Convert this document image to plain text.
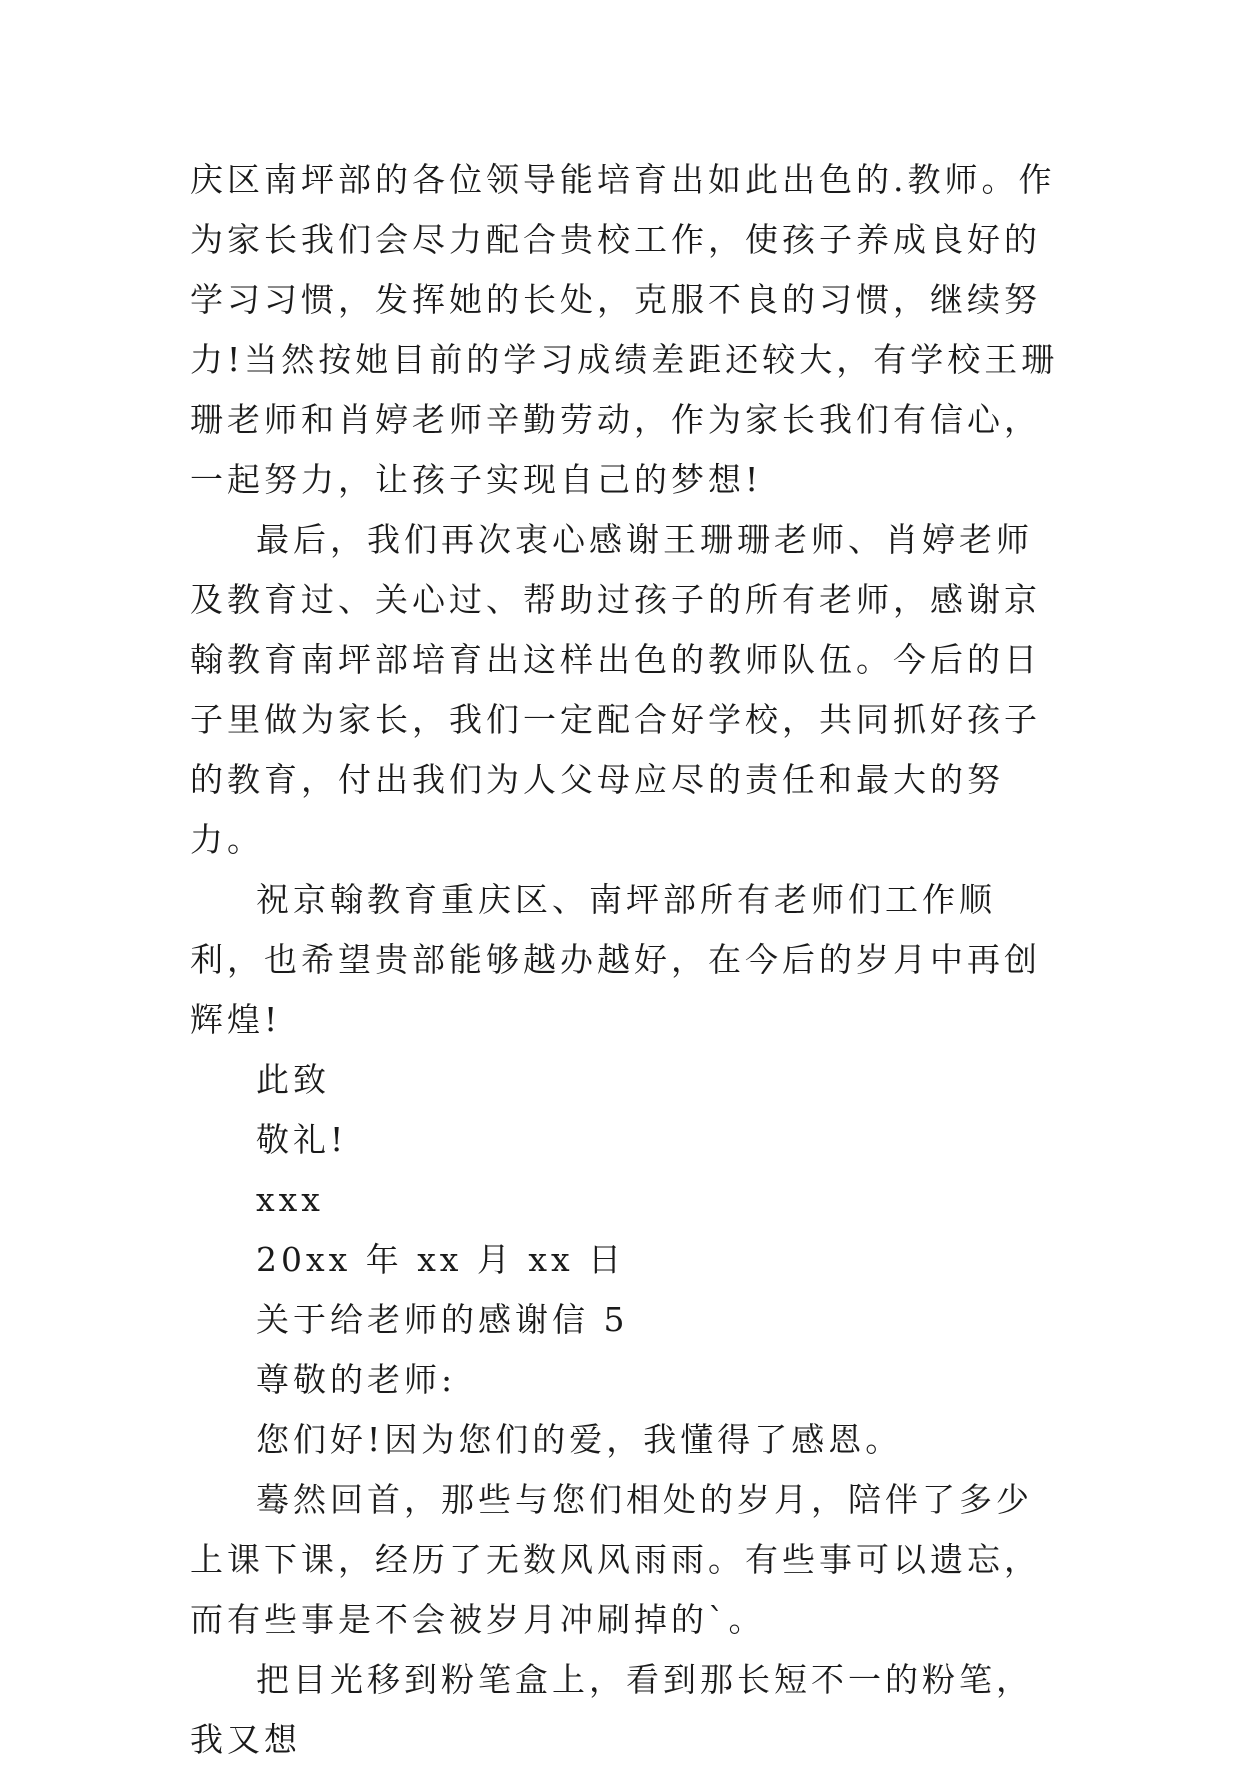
庆区南坪部的各位领导能培育出如此出色的.教师。作为家长我们会尽力配合贵校工作，使孩子养成良好的学习习惯，发挥她的长处，克服不良的习惯，继续努力!当然按她目前的学习成绩差距还较大，有学校王珊珊老师和肖婷老师辛勤劳动，作为家长我们有信心，一起努力，让孩子实现自己的梦想!

最后，我们再次衷心感谢王珊珊老师、肖婷老师及教育过、关心过、帮助过孩子的所有老师，感谢京翰教育南坪部培育出这样出色的教师队伍。今后的日子里做为家长，我们一定配合好学校，共同抓好孩子的教育，付出我们为人父母应尽的责任和最大的努力。

祝京翰教育重庆区、南坪部所有老师们工作顺利，也希望贵部能够越办越好，在今后的岁月中再创辉煌!

此致

敬礼!

xxx

20xx 年 xx 月 xx 日

关于给老师的感谢信 5

尊敬的老师:

您们好!因为您们的爱，我懂得了感恩。

蓦然回首，那些与您们相处的岁月，陪伴了多少上课下课，经历了无数风风雨雨。有些事可以遗忘，而有些事是不会被岁月冲刷掉的`。

把目光移到粉笔盒上，看到那长短不一的粉笔，我又想
